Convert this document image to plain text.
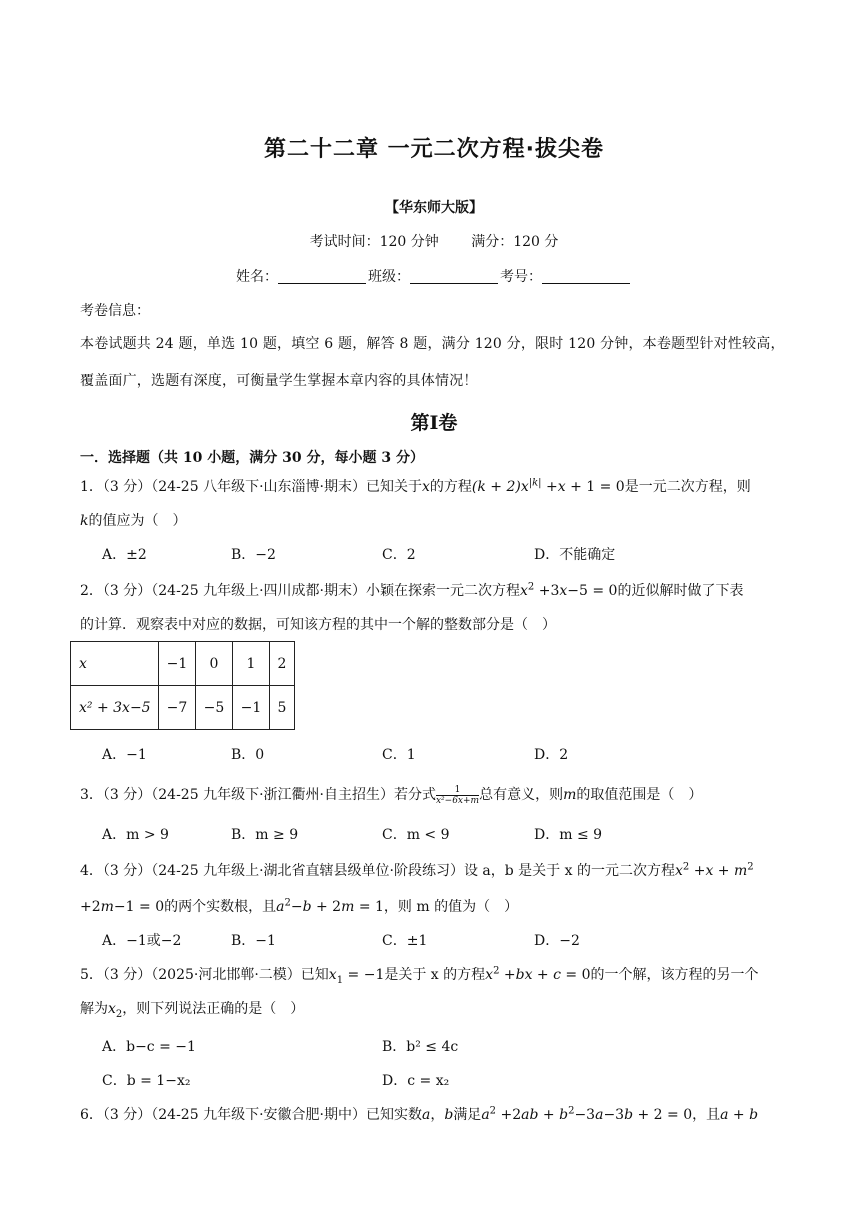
第二十二章 一元二次方程·拔尖卷
【华东师大版】
考试时间：120 分钟 满分：120 分
姓名：	班级：	考号：
考卷信息：
本卷试题共 24 题，单选 10 题，填空 6 题，解答 8 题，满分 120 分，限时 120 分钟，本卷题型针对性较高，覆盖面广，选题有深度，可衡量学生掌握本章内容的具体情况！
第Ⅰ卷
一．选择题（共 10 小题，满分 30 分，每小题 3 分）
1．（3 分）（24-25 八年级下·山东淄博·期末）已知关于x的方程$(k + 2)x^{|k|} +x + 1 = 0$是一元二次方程，则
k的值应为（　）
A．±2	B．−2	C．2	D．不能确定
2．（3 分）（24-25 九年级上·四川成都·期末）小颖在探索一元二次方程$x^2 +3x-5 = 0$的近似解时做了下表
的计算．观察表中对应的数据，可知该方程的其中一个解的整数部分是（　）
x	−1	0	1	2
x² + 3x−5	−7	−5	−1	5
A．−1	B．0	C．1	D．2
3．（3 分）（24-25 九年级下·浙江衢州·自主招生）若分式 $\frac{1}{\text{x²−6x+m}}$ 总有意义，则m的取值范围是（　）
A．m > 9	B．m ≥ 9	C．m < 9	D．m ≤ 9
4．（3 分）（24-25 九年级上·湖北省直辖县级单位·阶段练习）设 a，b 是关于 x 的一元二次方程$x^2 +x + m^2$
+2m−1 = 0的两个实数根，且$a^2-b + 2m = 1$，则 m 的值为（　）
A．−1或−2	B．−1	C．±1	D．−2
5．（3 分）（2025·河北邯郸·二模）已知$x_1 = -1$是关于 x 的方程$x^2 +bx + c = 0$的一个解，该方程的另一个
解为$x_2$，则下列说法正确的是（　）
A．b−c = −1	B．b² ≤ 4c
C．b = 1−x₂	D．c = x₂
6．（3 分）（24-25 九年级下·安徽合肥·期中）已知实数a，b满足$a^2 +2ab + b^2-3a-3b + 2 = 0$，且a + b
